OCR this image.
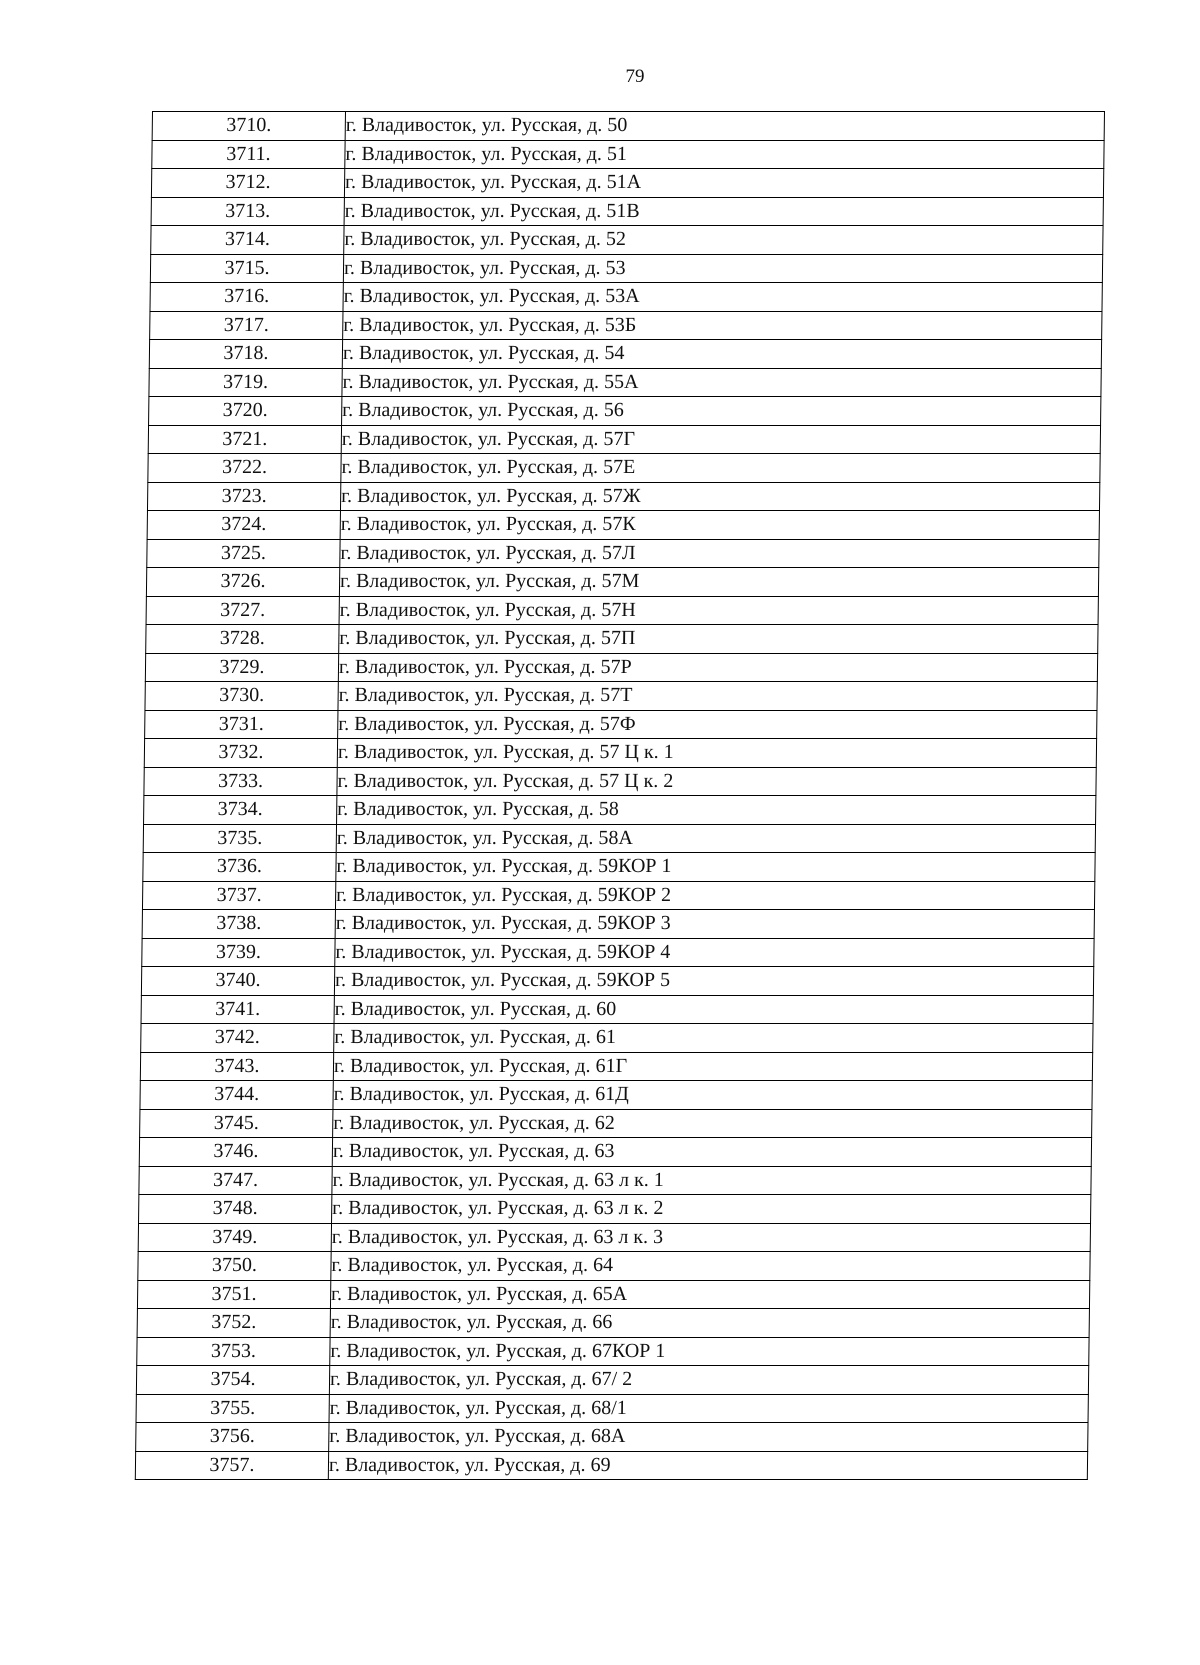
79
3710.	г. Владивосток, ул. Русская, д. 50
3711.	г. Владивосток, ул. Русская, д. 51
3712.	г. Владивосток, ул. Русская, д. 51А
3713.	г. Владивосток, ул. Русская, д. 51В
3714.	г. Владивосток, ул. Русская, д. 52
3715.	г. Владивосток, ул. Русская, д. 53
3716.	г. Владивосток, ул. Русская, д. 53А
3717.	г. Владивосток, ул. Русская, д. 53Б
3718.	г. Владивосток, ул. Русская, д. 54
3719.	г. Владивосток, ул. Русская, д. 55А
3720.	г. Владивосток, ул. Русская, д. 56
3721.	г. Владивосток, ул. Русская, д. 57Г
3722.	г. Владивосток, ул. Русская, д. 57Е
3723.	г. Владивосток, ул. Русская, д. 57Ж
3724.	г. Владивосток, ул. Русская, д. 57К
3725.	г. Владивосток, ул. Русская, д. 57Л
3726.	г. Владивосток, ул. Русская, д. 57М
3727.	г. Владивосток, ул. Русская, д. 57Н
3728.	г. Владивосток, ул. Русская, д. 57П
3729.	г. Владивосток, ул. Русская, д. 57Р
3730.	г. Владивосток, ул. Русская, д. 57Т
3731.	г. Владивосток, ул. Русская, д. 57Ф
3732.	г. Владивосток, ул. Русская, д. 57 Ц к. 1
3733.	г. Владивосток, ул. Русская, д. 57 Ц к. 2
3734.	г. Владивосток, ул. Русская, д. 58
3735.	г. Владивосток, ул. Русская, д. 58А
3736.	г. Владивосток, ул. Русская, д. 59КОР 1
3737.	г. Владивосток, ул. Русская, д. 59КОР 2
3738.	г. Владивосток, ул. Русская, д. 59КОР 3
3739.	г. Владивосток, ул. Русская, д. 59КОР 4
3740.	г. Владивосток, ул. Русская, д. 59КОР 5
3741.	г. Владивосток, ул. Русская, д. 60
3742.	г. Владивосток, ул. Русская, д. 61
3743.	г. Владивосток, ул. Русская, д. 61Г
3744.	г. Владивосток, ул. Русская, д. 61Д
3745.	г. Владивосток, ул. Русская, д. 62
3746.	г. Владивосток, ул. Русская, д. 63
3747.	г. Владивосток, ул. Русская, д. 63 л к. 1
3748.	г. Владивосток, ул. Русская, д. 63 л к. 2
3749.	г. Владивосток, ул. Русская, д. 63 л к. 3
3750.	г. Владивосток, ул. Русская, д. 64
3751.	г. Владивосток, ул. Русская, д. 65А
3752.	г. Владивосток, ул. Русская, д. 66
3753.	г. Владивосток, ул. Русская, д. 67КОР 1
3754.	г. Владивосток, ул. Русская, д. 67/ 2
3755.	г. Владивосток, ул. Русская, д. 68/1
3756.	г. Владивосток, ул. Русская, д. 68А
3757.	г. Владивосток, ул. Русская, д. 69
